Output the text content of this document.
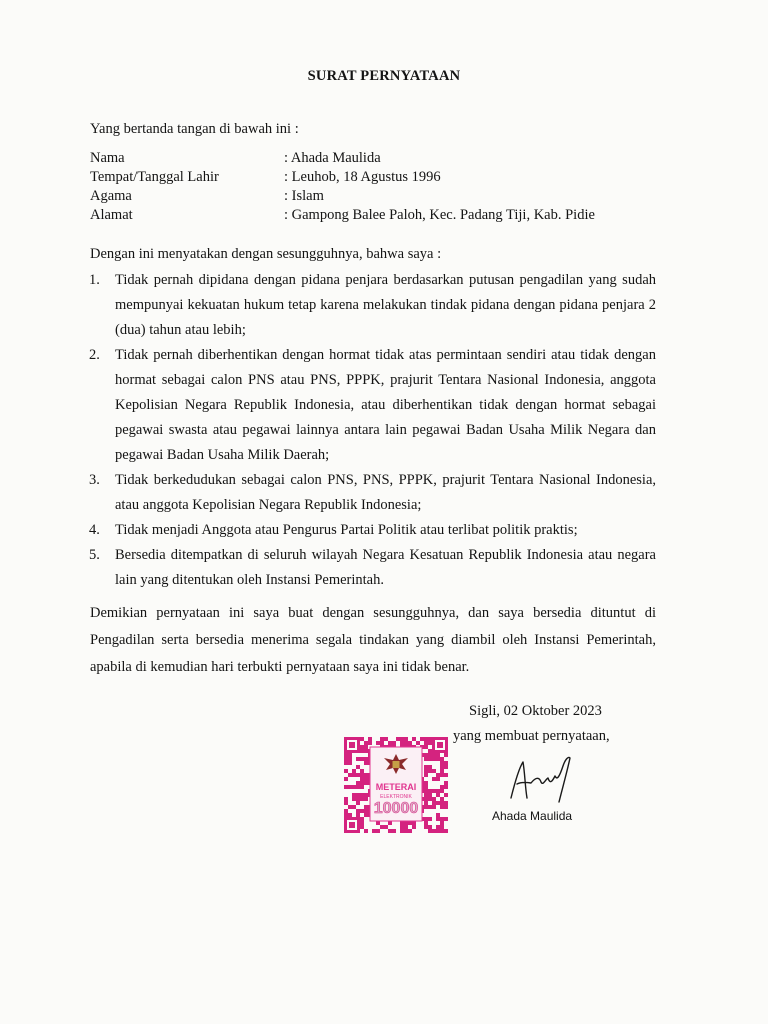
SURAT PERNYATAAN
Yang bertanda tangan di bawah ini :
Nama	: Ahada Maulida
Tempat/Tanggal Lahir	: Leuhob, 18 Agustus 1996
Agama	: Islam
Alamat	: Gampong Balee Paloh, Kec. Padang Tiji, Kab. Pidie
Dengan ini menyatakan dengan sesungguhnya, bahwa saya :
1. Tidak pernah dipidana dengan pidana penjara berdasarkan putusan pengadilan yang sudah mempunyai kekuatan hukum tetap karena melakukan tindak pidana dengan pidana penjara 2 (dua) tahun atau lebih;
2. Tidak pernah diberhentikan dengan hormat tidak atas permintaan sendiri atau tidak dengan hormat sebagai calon PNS atau PNS, PPPK, prajurit Tentara Nasional Indonesia, anggota Kepolisian Negara Republik Indonesia, atau diberhentikan tidak dengan hormat sebagai pegawai swasta atau pegawai lainnya antara lain pegawai Badan Usaha Milik Negara dan pegawai Badan Usaha Milik Daerah;
3. Tidak berkedudukan sebagai calon PNS, PNS, PPPK, prajurit Tentara Nasional Indonesia, atau anggota Kepolisian Negara Republik Indonesia;
4. Tidak menjadi Anggota atau Pengurus Partai Politik atau terlibat politik praktis;
5. Bersedia ditempatkan di seluruh wilayah Negara Kesatuan Republik Indonesia atau negara lain yang ditentukan oleh Instansi Pemerintah.
Demikian pernyataan ini saya buat dengan sesungguhnya, dan saya bersedia dituntut di Pengadilan serta bersedia menerima segala tindakan yang diambil oleh Instansi Pemerintah, apabila di kemudian hari terbukti pernyataan saya ini tidak benar.
Sigli, 02 Oktober 2023
yang membuat pernyataan,
METERAI
ELEKTRONIK
10000	Ahada Maulida
